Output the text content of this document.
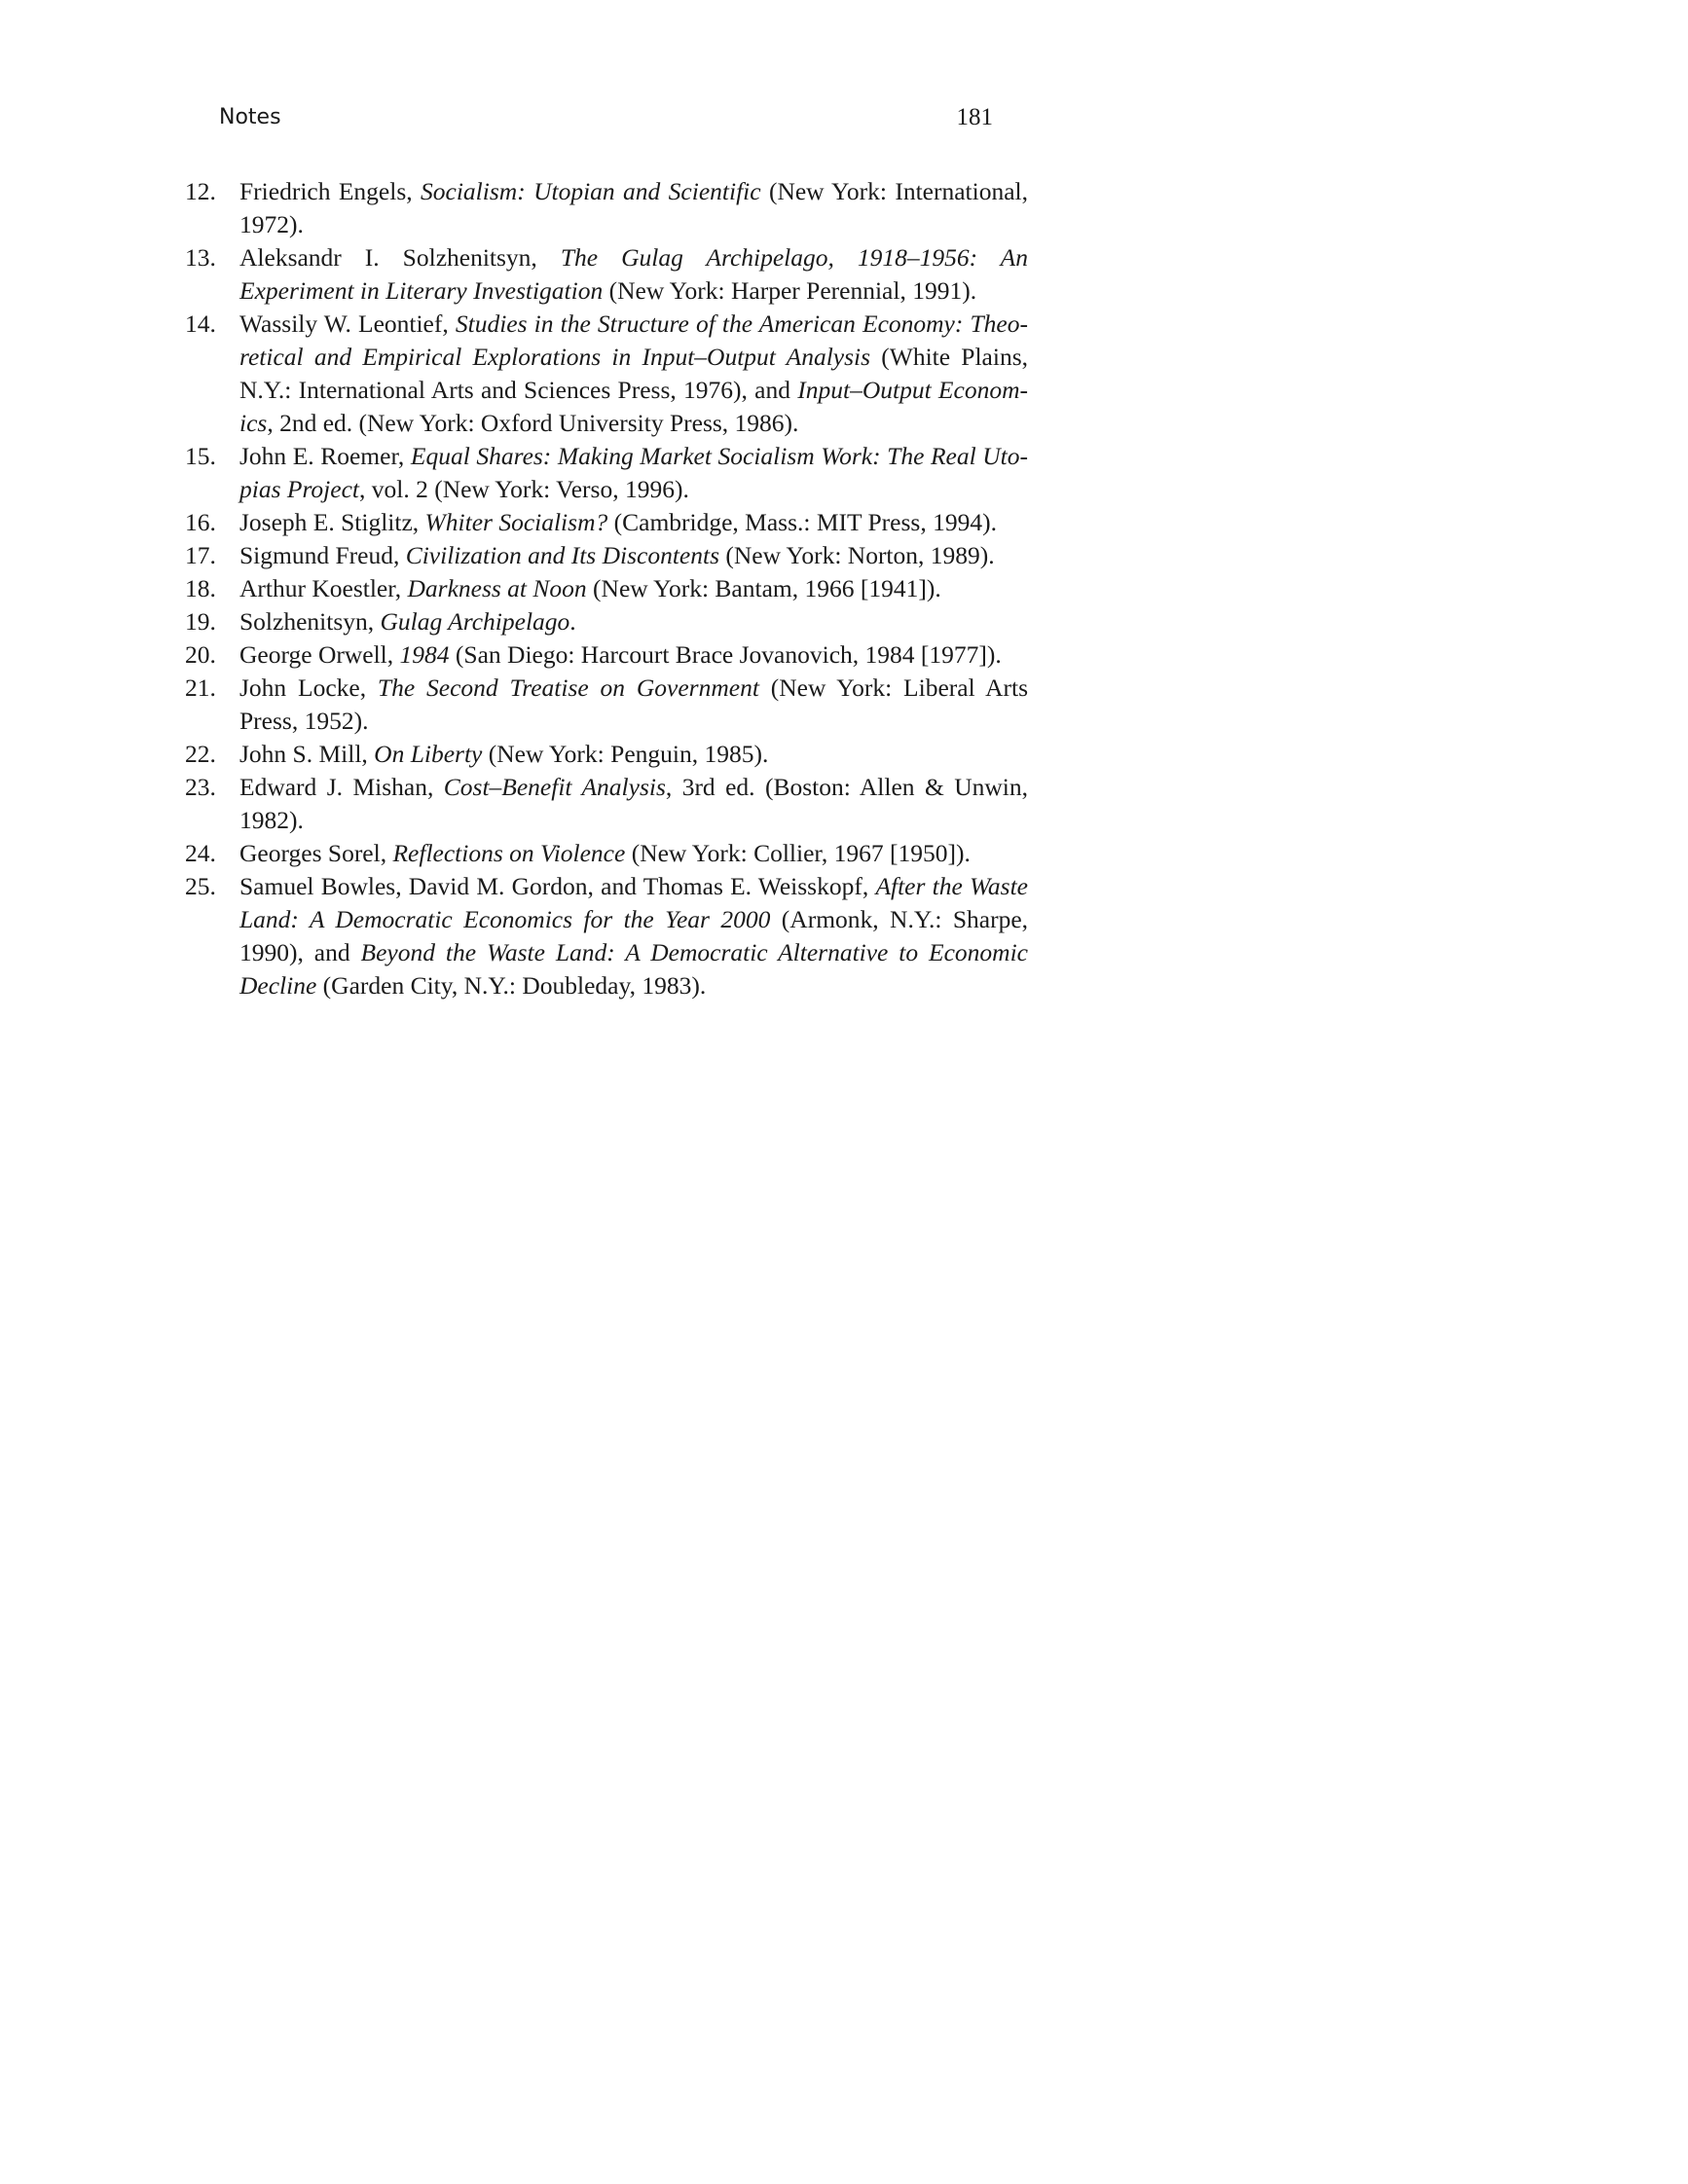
Notes	181
12. Friedrich Engels, Socialism: Utopian and Scientific (New York: International, 1972).
13. Aleksandr I. Solzhenitsyn, The Gulag Archipelago, 1918–1956: An Experiment in Literary Investigation (New York: Harper Perennial, 1991).
14. Wassily W. Leontief, Studies in the Structure of the American Economy: Theoretical and Empirical Explorations in Input–Output Analysis (White Plains, N.Y.: International Arts and Sciences Press, 1976), and Input–Output Economics, 2nd ed. (New York: Oxford University Press, 1986).
15. John E. Roemer, Equal Shares: Making Market Socialism Work: The Real Utopias Project, vol. 2 (New York: Verso, 1996).
16. Joseph E. Stiglitz, Whiter Socialism? (Cambridge, Mass.: MIT Press, 1994).
17. Sigmund Freud, Civilization and Its Discontents (New York: Norton, 1989).
18. Arthur Koestler, Darkness at Noon (New York: Bantam, 1966 [1941]).
19. Solzhenitsyn, Gulag Archipelago.
20. George Orwell, 1984 (San Diego: Harcourt Brace Jovanovich, 1984 [1977]).
21. John Locke, The Second Treatise on Government (New York: Liberal Arts Press, 1952).
22. John S. Mill, On Liberty (New York: Penguin, 1985).
23. Edward J. Mishan, Cost–Benefit Analysis, 3rd ed. (Boston: Allen & Unwin, 1982).
24. Georges Sorel, Reflections on Violence (New York: Collier, 1967 [1950]).
25. Samuel Bowles, David M. Gordon, and Thomas E. Weisskopf, After the Waste Land: A Democratic Economics for the Year 2000 (Armonk, N.Y.: Sharpe, 1990), and Beyond the Waste Land: A Democratic Alternative to Economic Decline (Garden City, N.Y.: Doubleday, 1983).
